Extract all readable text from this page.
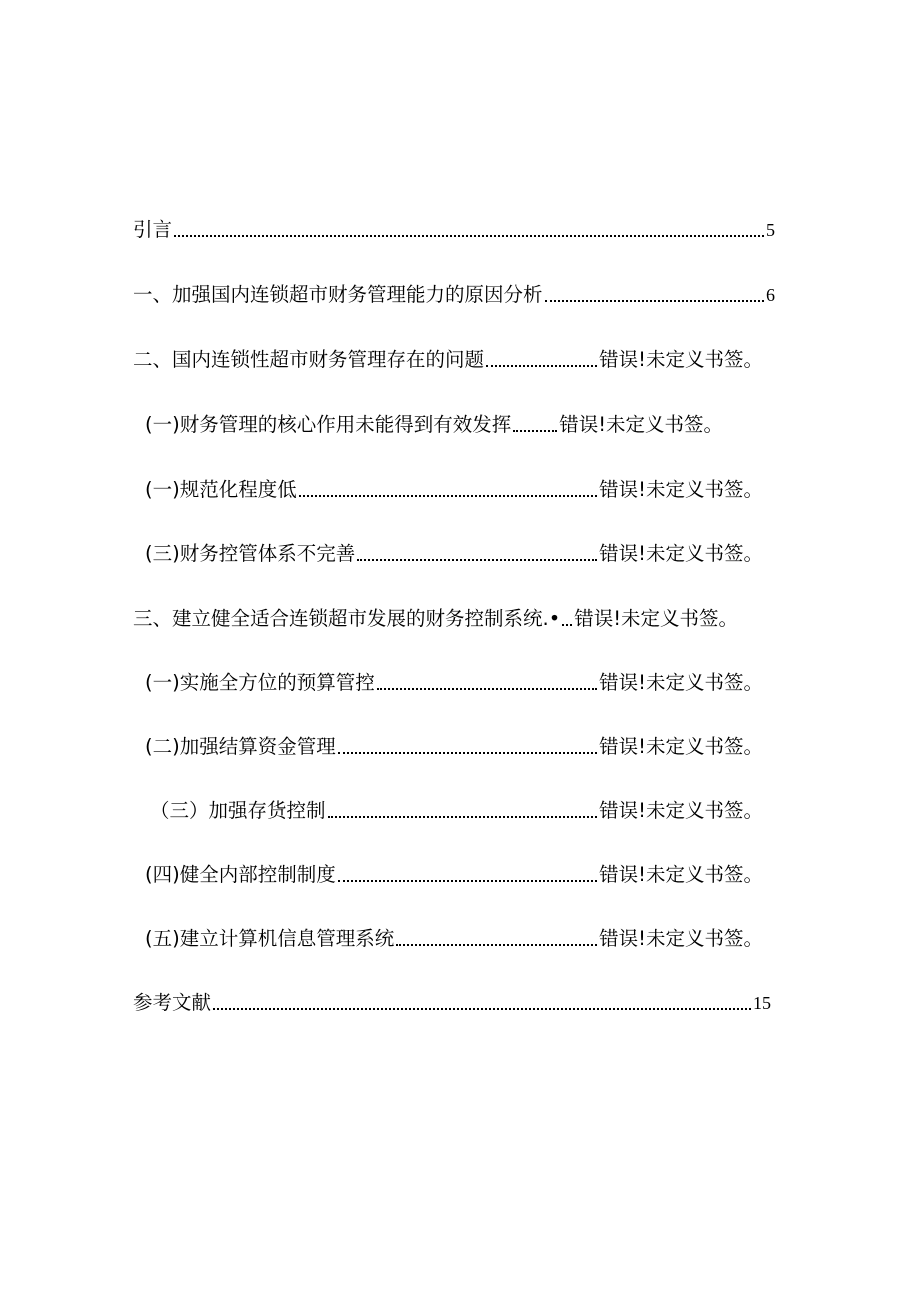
引言	5
一、加强国内连锁超市财务管理能力的原因分析	6
二、国内连锁性超市财务管理存在的问题	错误!未定义书签。
(一)财务管理的核心作用未能得到有效发挥 错误!未定义书签。
(一)规范化程度低	错误!未定义书签。
(三)财务控管体系不完善	错误!未定义书签。
三、建立健全适合连锁超市发展的财务控制系统.• 错误!未定义书签。
(一)实施全方位的预算管控	错误!未定义书签。
(二)加强结算资金管理	错误!未定义书签。
（三）加强存货控制	错误!未定义书签。
(四)健全内部控制制度	错误!未定义书签。
(五)建立计算机信息管理系统	错误!未定义书签。
参考文献	15
